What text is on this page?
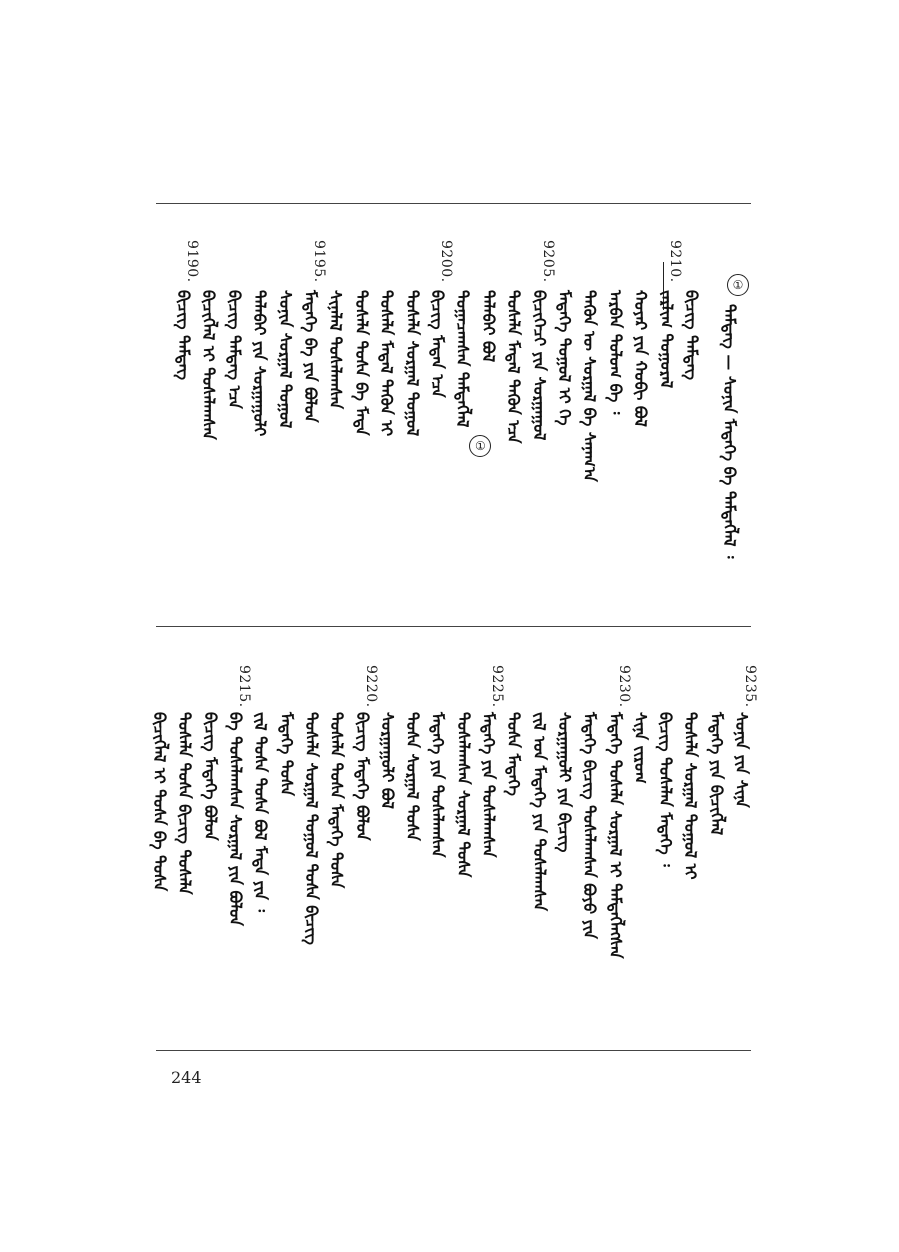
①
ᠲᠡᠮᠳᠡᠭ — ᠰᠣᠨᠢᠨ ᠮᠡᠳᠡᠭᠡ ᠪᠡ ᠲᠡᠮᠳᠡᠭᠯᠡᠯ ᠄
ᠪᠢᠴᠢᠭ ᠲᠡᠮᠳᠡᠭ
9210.
ᠵᠠᠷᠯᠢᠭ ᠲᠤᠭᠤᠷᠠᠯ
ᠬᠣᠶᠠᠷ ᠶᠢᠨ ᠬᠤᠪᠢ ᠪᠣᠯ
ᠠᠷᠪᠠᠨ ᠳᠣᠯᠣᠭ ᠪᠠ ᠄
ᠲᠡᠭᠦᠨ ᠦ ᠰᠤᠷᠭᠠᠯ ᠪᠠ ᠰᠠᠨᠠᠭ᠎ᠠ
ᠮᠡᠳᠡᠭᠡ ᠲᠤᠭᠤᠯ ᠢ ᠬᠡ
9205.
ᠪᠢᠴᠢᠭᠡᠴᠢ ᠶᠢᠨ ᠰᠤᠷᠭᠠᠭᠤᠯ
ᠲᠤᠰᠠᠯᠠ ᠮᠡᠳᠡᠯ ᠲᠡᠭᠦᠨ ᠡᠴᠡ
ᠲᠠᠯᠠᠪᠠᠢ ᠪᠣᠯ
ᠲᠣᠭᠠᠴᠠᠭᠰᠠᠨ ᠲᠡᠮᠳᠡᠭᠯᠡᠯ
①
9200.
ᠪᠢᠴᠢᠭ ᠮᠡᠳᠡᠨ ᠡᠴᠡ
ᠲᠤᠰᠠᠯᠠ ᠰᠤᠷᠭᠠᠯ ᠲᠤᠭᠤᠯ
ᠲᠤᠰᠠᠯᠠ ᠮᠡᠳᠡᠯ ᠲᠡᠭᠦᠨ ᠢ
ᠲᠤᠰᠠᠯᠠ ᠲᠤᠰᠠ ᠪᠠ ᠮᠡᠳᠡ
ᠰᠢᠨᠡᠯᠡᠯ ᠲᠤᠰᠠᠯᠠᠭᠰᠠᠨ
9195.
ᠮᠡᠳᠡᠭᠡ ᠪᠡ ᠶᠢᠨ ᠪᠣᠯᠤᠨ
ᠰᠣᠨᠢᠨ ᠰᠤᠷᠭᠠᠯ ᠲᠤᠭᠤᠯ
ᠲᠠᠯᠠᠪᠠᠢ ᠶᠢᠨ ᠰᠤᠷᠭᠠᠭᠤᠯᠢ
ᠪᠢᠴᠢᠭ ᠲᠡᠮᠳᠡᠭ ᠡᠴᠡ
ᠪᠢᠴᠢᠭᠯᠡᠯ ᠢ ᠲᠤᠰᠠᠯᠠᠭᠰᠠᠨ
9190.
ᠪᠢᠴᠢᠭ ᠲᠡᠮᠳᠡᠭ
9235.
ᠰᠣᠨᠢᠨ ᠶᠢᠨ ᠰᠢᠨᠡ
ᠮᠡᠳᠡᠭᠡ ᠶᠢᠨ ᠪᠢᠴᠢᠭᠯᠡᠯ
ᠲᠤᠰᠠᠯᠠ ᠰᠤᠷᠭᠠᠯ ᠲᠤᠭᠤᠯ ᠢ
ᠪᠢᠴᠢᠭ ᠲᠤᠰᠠᠯᠠᠨ ᠮᠡᠳᠡᠭᠡ ᠄
ᠰᠢᠨᠡ ᠵᠢᠷᠤᠭ
9230.
ᠮᠡᠳᠡᠭᠡ ᠲᠤᠰᠠᠯᠠ ᠰᠤᠷᠭᠠᠯ ᠢ ᠲᠡᠮᠳᠡᠭᠯᠡᠭᠰᠡᠨ
ᠮᠡᠳᠡᠭᠡ ᠪᠢᠴᠢᠭ ᠲᠤᠰᠠᠯᠠᠭᠰᠠᠨ ᠪᠤᠶᠤ ᠶᠢᠨ
ᠰᠤᠷᠭᠠᠭᠤᠯᠢ ᠶᠢᠨ ᠪᠢᠴᠢᠭ
ᠵᠢᠯ ᠤᠨ ᠮᠡᠳᠡᠭᠡ ᠶᠢᠨ ᠲᠤᠰᠠᠯᠠᠭᠰᠠᠨ
ᠲᠤᠰᠠ ᠮᠡᠳᠡᠭᠡ
9225.
ᠮᠡᠳᠡᠭᠡ ᠶᠢᠨ ᠲᠤᠰᠠᠯᠠᠭᠰᠠᠨ
ᠲᠤᠰᠠᠯᠠᠭᠰᠠᠨ ᠰᠤᠷᠭᠠᠯ ᠲᠤᠰᠠ
ᠮᠡᠳᠡᠭᠡ ᠶᠢᠨ ᠲᠤᠰᠠᠯᠠᠭᠰᠠᠨ
ᠲᠤᠰᠠ ᠰᠤᠷᠭᠠᠯ ᠲᠤᠰᠠ
ᠰᠤᠷᠭᠠᠭᠤᠯᠢ ᠪᠣᠯ
9220.
ᠪᠢᠴᠢᠭ ᠮᠡᠳᠡᠭᠡ ᠪᠣᠯᠤᠨ
ᠲᠤᠰᠠᠯᠠ ᠲᠤᠰᠠ ᠮᠡᠳᠡᠭᠡ ᠲᠤᠰᠠ
ᠲᠤᠰᠠᠯᠠ ᠰᠤᠷᠭᠠᠯ ᠲᠤᠭᠤᠯ ᠲᠤᠰᠠ ᠪᠢᠴᠢᠭ
ᠮᠡᠳᠡᠭᠡ ᠲᠤᠰᠠ
ᠵᠢᠯ ᠲᠤᠰᠠ ᠲᠤᠰᠠ ᠪᠣᠯ ᠮᠡᠳᠡ ᠶᠢᠨ ᠄
9215.
ᠪᠠ ᠲᠤᠰᠠᠯᠠᠭᠰᠠᠨ ᠰᠤᠷᠭᠠᠯ ᠶᠢᠨ ᠪᠣᠯᠤᠨ
ᠪᠢᠴᠢᠭ ᠮᠡᠳᠡᠭᠡ ᠪᠣᠯᠤᠨ
ᠲᠤᠰᠠᠯᠠ ᠲᠤᠰᠠ ᠪᠢᠴᠢᠭ ᠲᠤᠰᠠᠯᠠ
ᠪᠢᠴᠢᠭᠯᠡᠯ ᠢ ᠲᠤᠰᠠ ᠪᠠ ᠲᠤᠰᠠ
244
